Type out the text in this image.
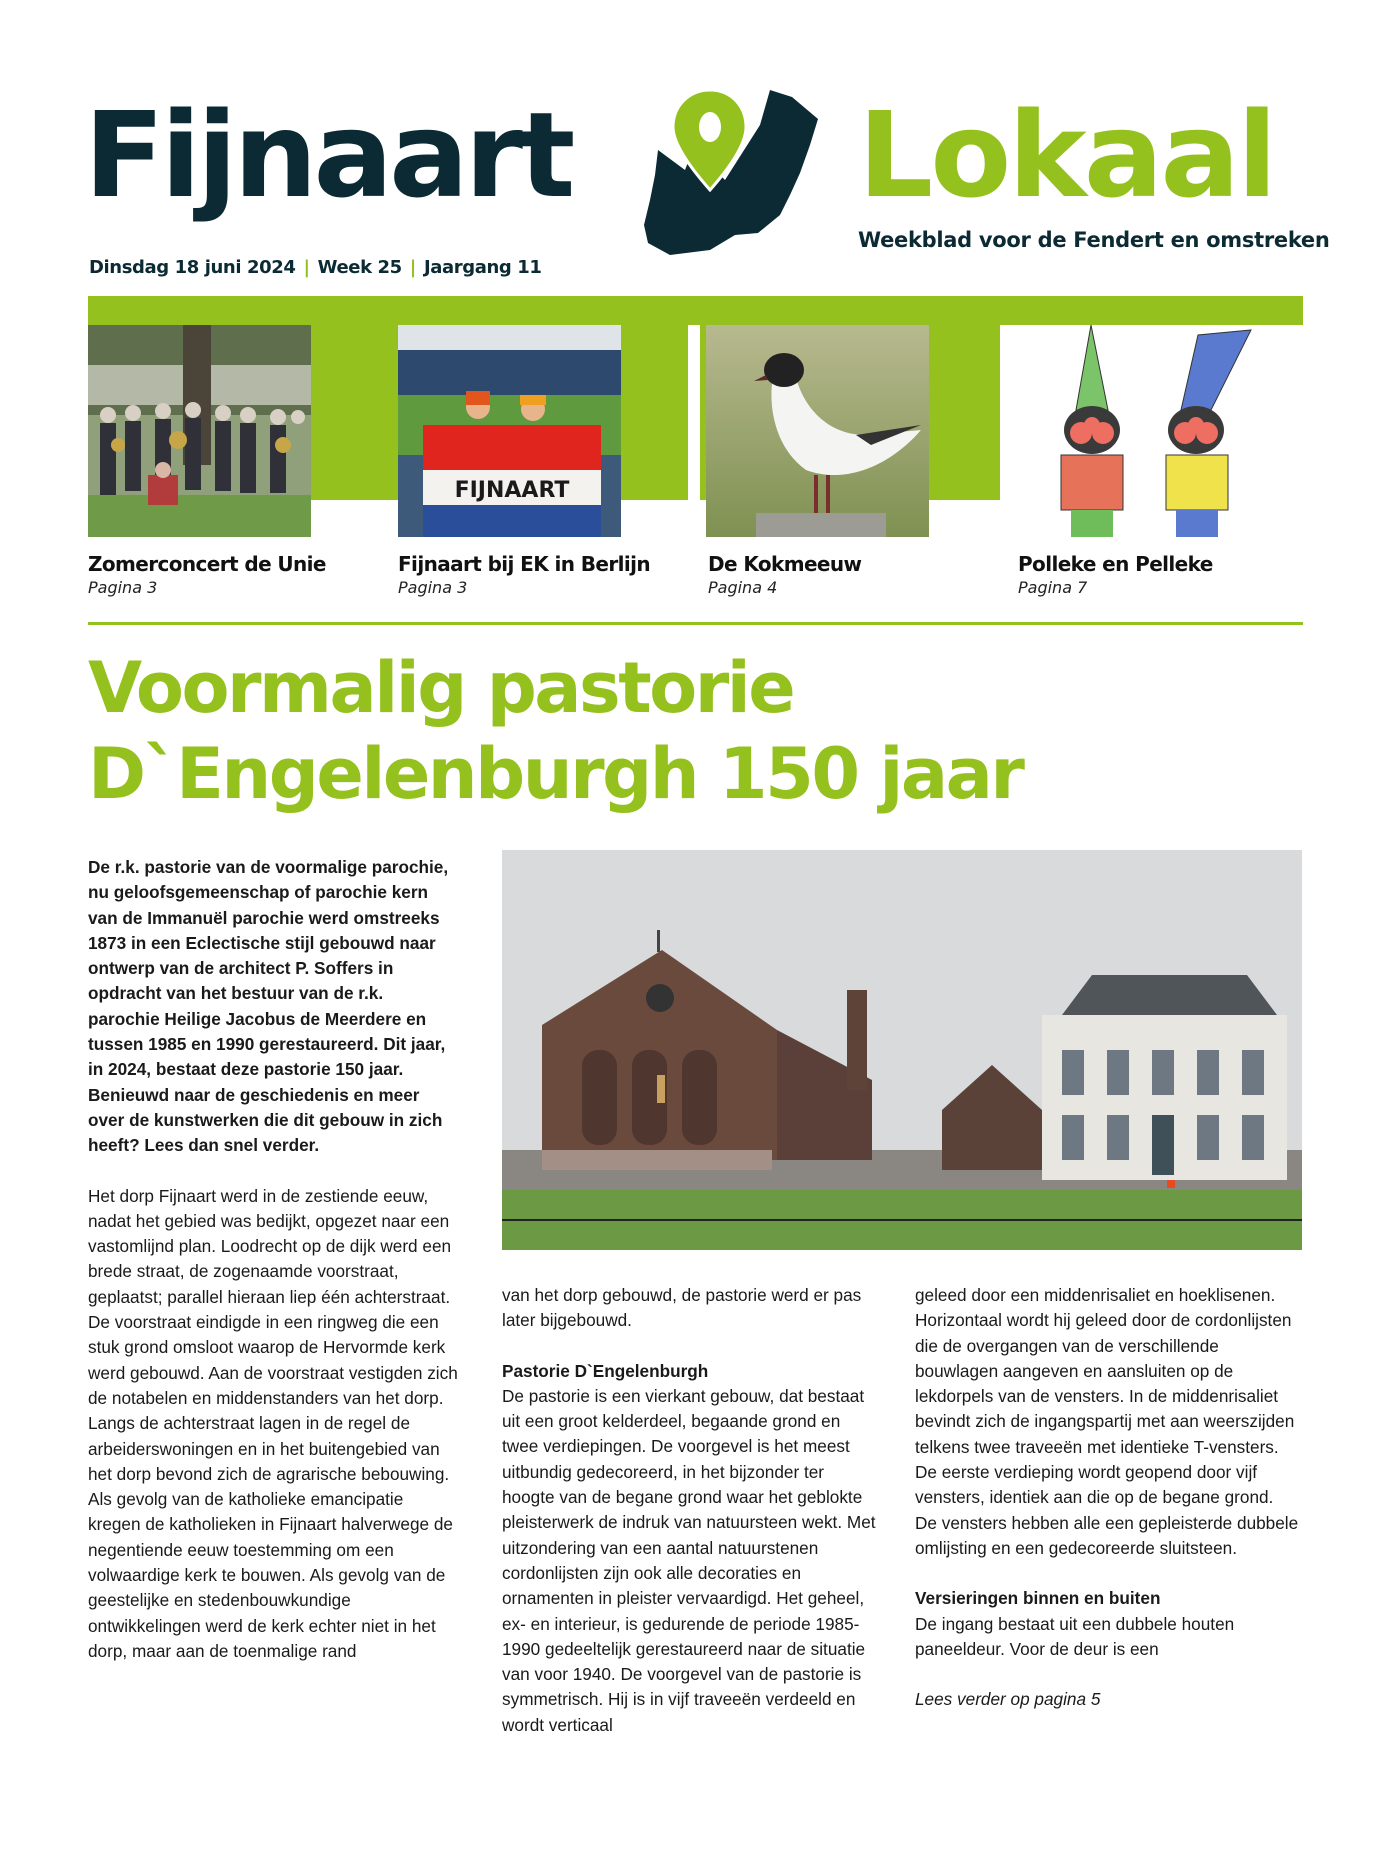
Fijnaart Lokaal
Weekblad voor de Fendert en omstreken
Dinsdag 18 juni 2024 | Week 25 | Jaargang 11
FIJNAART
Zomerconcert de Unie
Pagina 3
Fijnaart bij EK in Berlijn
Pagina 3
De Kokmeeuw
Pagina 4
Polleke en Pelleke
Pagina 7
Voormalig pastorie
D`Engelenburgh 150 jaar

De r.k. pastorie van de voormalige parochie, nu geloofsgemeenschap of parochie kern van de Immanuël parochie werd omstreeks 1873 in een Eclectische stijl gebouwd naar ontwerp van de architect P. Soffers in opdracht van het bestuur van de r.k. parochie Heilige Jacobus de Meerdere en tussen 1985 en 1990 gerestaureerd. Dit jaar, in 2024, bestaat deze pastorie 150 jaar. Benieuwd naar de geschiedenis en meer over de kunstwerken die dit gebouw in zich heeft? Lees dan snel verder.

Het dorp Fijnaart werd in de zestiende eeuw, nadat het gebied was bedijkt, opgezet naar een vastomlijnd plan. Loodrecht op de dijk werd een brede straat, de zogenaamde voorstraat, geplaatst; parallel hieraan liep één achterstraat. De voorstraat eindigde in een ringweg die een stuk grond omsloot waarop de Hervormde kerk werd gebouwd. Aan de voorstraat vestigden zich de notabelen en middenstanders van het dorp. Langs de achterstraat lagen in de regel de arbeiderswoningen en in het buitengebied van het dorp bevond zich de agrarische bebouwing. Als gevolg van de katholieke emancipatie kregen de katholieken in Fijnaart halverwege de negentiende eeuw toestemming om een volwaardige kerk te bouwen. Als gevolg van de geestelijke en stedenbouwkundige ontwikkelingen werd de kerk echter niet in het dorp, maar aan de toenmalige rand

van het dorp gebouwd, de pastorie werd er pas later bijgebouwd.

Pastorie D`Engelenburgh

De pastorie is een vierkant gebouw, dat bestaat uit een groot kelderdeel, begaande grond en twee verdiepingen. De voorgevel is het meest uitbundig gedecoreerd, in het bijzonder ter hoogte van de begane grond waar het geblokte pleisterwerk de indruk van natuursteen wekt. Met uitzondering van een aantal natuurstenen cordonlijsten zijn ook alle decoraties en ornamenten in pleister vervaardigd. Het geheel, ex- en interieur, is gedurende de periode 1985-1990 gedeeltelijk gerestaureerd naar de situatie van voor 1940. De voorgevel van de pastorie is symmetrisch. Hij is in vijf traveeën verdeeld en wordt verticaal

geleed door een middenrisaliet en hoeklisenen. Horizontaal wordt hij geleed door de cordonlijsten die de overgangen van de verschillende bouwlagen aangeven en aansluiten op de lekdorpels van de vensters. In de middenrisaliet bevindt zich de ingangspartij met aan weerszijden telkens twee traveeën met identieke T-vensters. De eerste verdieping wordt geopend door vijf vensters, identiek aan die op de begane grond. De vensters hebben alle een gepleisterde dubbele omlijsting en een gedecoreerde sluitsteen.

Versieringen binnen en buiten

De ingang bestaat uit een dubbele houten paneeldeur. Voor de deur is een

Lees verder op pagina 5
